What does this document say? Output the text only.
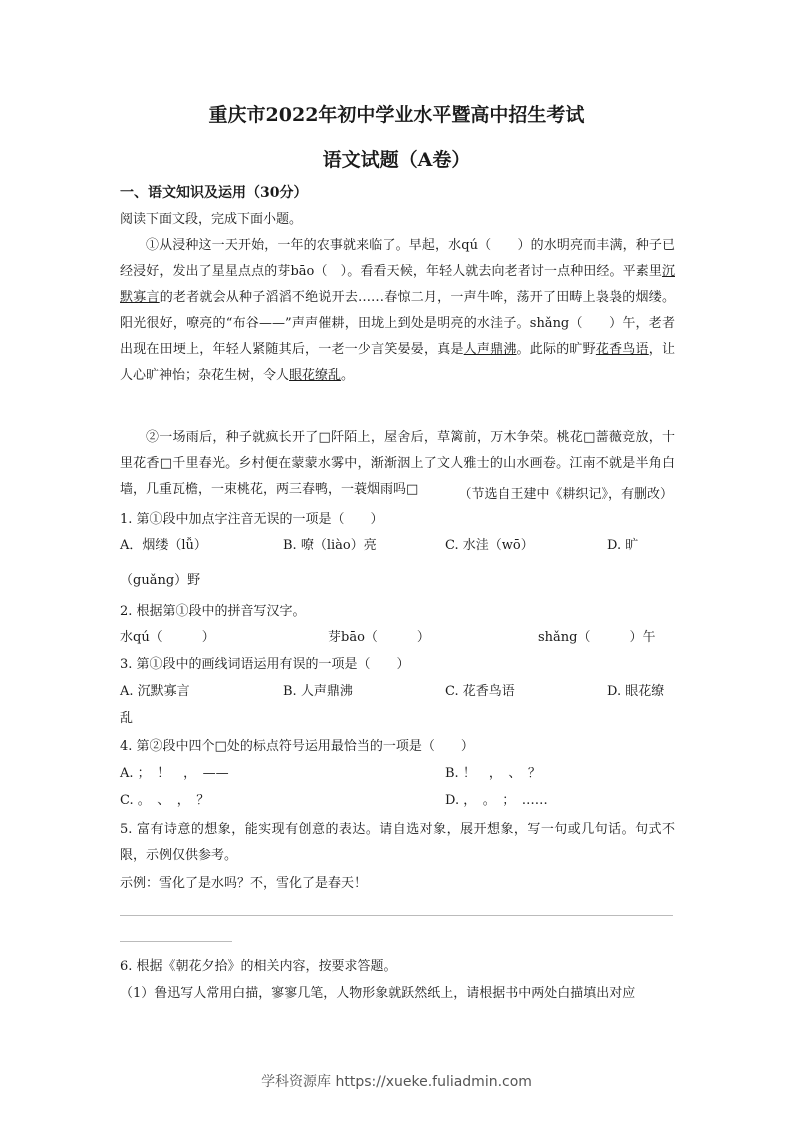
重庆市2022年初中学业水平暨高中招生考试
语文试题（A卷）
一、语文知识及运用（30分）
阅读下面文段，完成下面小题。
①从浸种这一天开始，一年的农事就来临了。早起，水qú（　　）的水明亮而丰满，种子已经浸好，发出了星星点点的芽bāo（　）。看看天候，年轻人就去向老者讨一点种田经。平素里沉默寡言的老者就会从种子滔滔不绝说开去……春惊二月，一声牛哞，荡开了田畴上袅袅的烟缕。阳光很好，嘹亮的“布谷——”声声催耕，田垅上到处是明亮的水洼子。shǎng（　　）午，老者出现在田埂上，年轻人紧随其后，一老一少言笑晏晏，真是人声鼎沸。此际的旷野花香鸟语，让人心旷神怡；杂花生树，令人眼花缭乱。
②一场雨后，种子就疯长开了□阡陌上，屋舍后，草篱前，万木争荣。桃花□蔷薇竞放，十里花香□千里春光。乡村便在蒙蒙水雾中，渐渐洇上了文人雅士的山水画卷。江南不就是半角白墙，几重瓦檐，一束桃花，两三春鸭，一蓑烟雨吗□	（节选自王建中《耕织记》，有删改）
1. 第①段中加点字注音无误的一项是（　　）
A．烟缕（lǚ）	B. 嘹（liào）亮	C. 水洼（wō）	D. 旷
（guǎng）野
2. 根据第①段中的拼音写汉字。
水qú（　　　）	芽bāo（　　　）	shǎng（　　　）午
3. 第①段中的画线词语运用有误的一项是（　　）
A. 沉默寡言	B. 人声鼎沸	C. 花香鸟语	D. 眼花缭
乱
4. 第②段中四个□处的标点符号运用最恰当的一项是（　　）
A. ；　！　，　——	B. ！　，　、　？
C. 。　、　，　？	D. ，　。　；　……
5. 富有诗意的想象，能实现有创意的表达。请自选对象，展开想象，写一句或几句话。句式不限，示例仅供参考。
示例：雪化了是水吗？不，雪化了是春天！
6. 根据《朝花夕拾》的相关内容，按要求答题。
（1）鲁迅写人常用白描，寥寥几笔，人物形象就跃然纸上，请根据书中两处白描填出对应
学科资源库 https://xueke.fuliadmin.com
